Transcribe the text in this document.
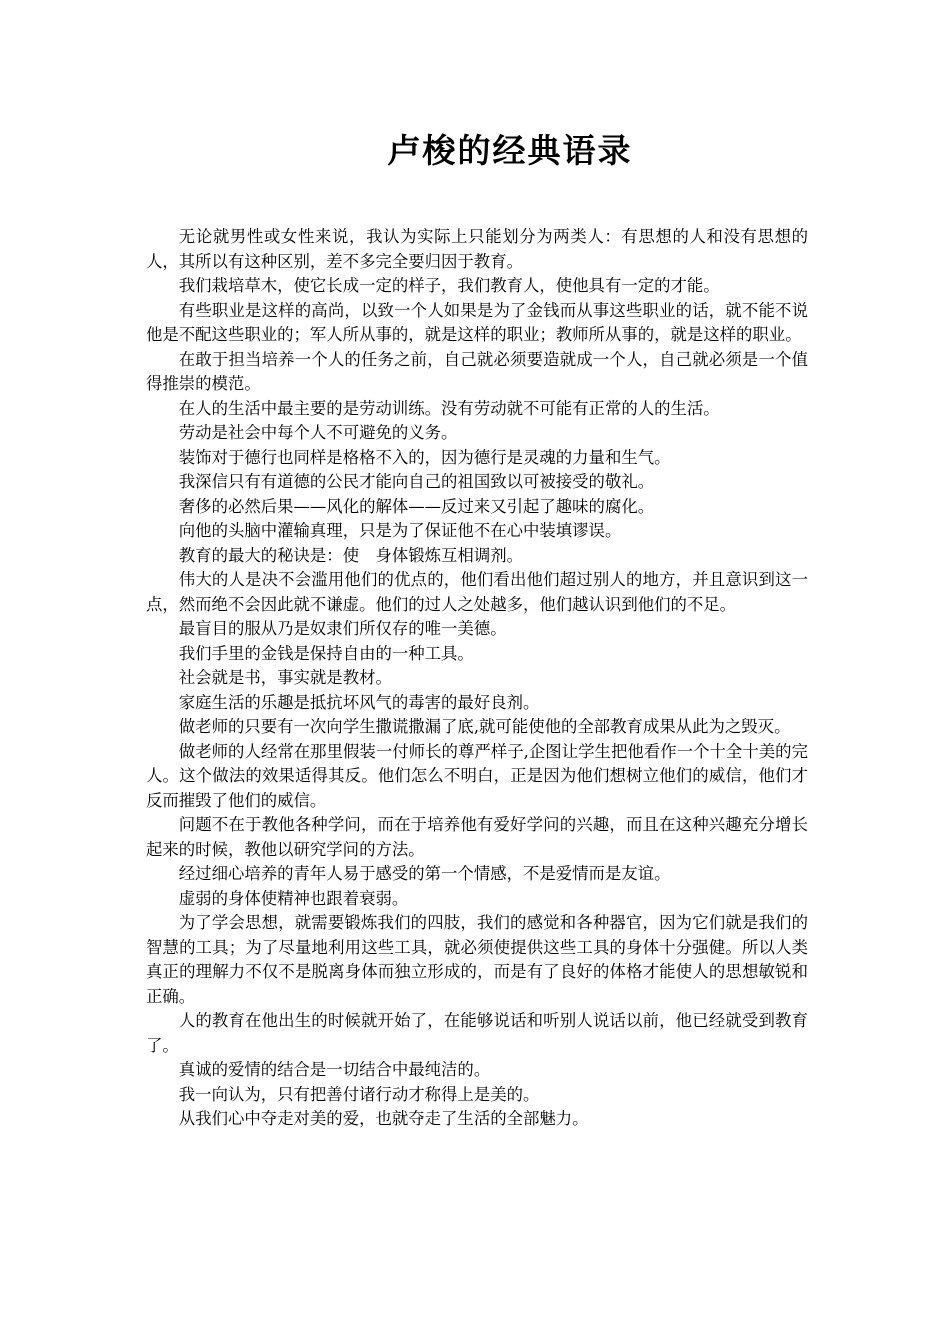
卢梭的经典语录

无论就男性或女性来说，我认为实际上只能划分为两类人：有思想的人和没有思想的人，其所以有这种区别，差不多完全要归因于教育。

我们栽培草木，使它长成一定的样子，我们教育人，使他具有一定的才能。

有些职业是这样的高尚，以致一个人如果是为了金钱而从事这些职业的话，就不能不说他是不配这些职业的；军人所从事的，就是这样的职业；教师所从事的，就是这样的职业。

在敢于担当培养一个人的任务之前，自己就必须要造就成一个人，自己就必须是一个值得推崇的模范。

在人的生活中最主要的是劳动训练。没有劳动就不可能有正常的人的生活。

劳动是社会中每个人不可避免的义务。

装饰对于德行也同样是格格不入的，因为德行是灵魂的力量和生气。

我深信只有有道德的公民才能向自己的祖国致以可被接受的敬礼。

奢侈的必然后果——风化的解体——反过来又引起了趣味的腐化。

向他的头脑中灌输真理，只是为了保证他不在心中装填谬误。

教育的最大的秘诀是：使　身体锻炼互相调剂。

伟大的人是决不会滥用他们的优点的，他们看出他们超过别人的地方，并且意识到这一点，然而绝不会因此就不谦虚。他们的过人之处越多，他们越认识到他们的不足。

最盲目的服从乃是奴隶们所仅存的唯一美德。

我们手里的金钱是保持自由的一种工具。

社会就是书，事实就是教材。

家庭生活的乐趣是抵抗坏风气的毒害的最好良剂。

做老师的只要有一次向学生撒谎撒漏了底,就可能使他的全部教育成果从此为之毁灭。

做老师的人经常在那里假装一付师长的尊严样子,企图让学生把他看作一个十全十美的完人。这个做法的效果适得其反。他们怎么不明白，正是因为他们想树立他们的威信，他们才反而摧毁了他们的威信。

问题不在于教他各种学问，而在于培养他有爱好学问的兴趣，而且在这种兴趣充分增长起来的时候，教他以研究学问的方法。

经过细心培养的青年人易于感受的第一个情感，不是爱情而是友谊。

虚弱的身体使精神也跟着衰弱。

为了学会思想，就需要锻炼我们的四肢，我们的感觉和各种器官，因为它们就是我们的智慧的工具；为了尽量地利用这些工具，就必须使提供这些工具的身体十分强健。所以人类真正的理解力不仅不是脱离身体而独立形成的，而是有了良好的体格才能使人的思想敏锐和正确。

人的教育在他出生的时候就开始了，在能够说话和听别人说话以前，他已经就受到教育了。

真诚的爱情的结合是一切结合中最纯洁的。

我一向认为，只有把善付诸行动才称得上是美的。

从我们心中夺走对美的爱，也就夺走了生活的全部魅力。
